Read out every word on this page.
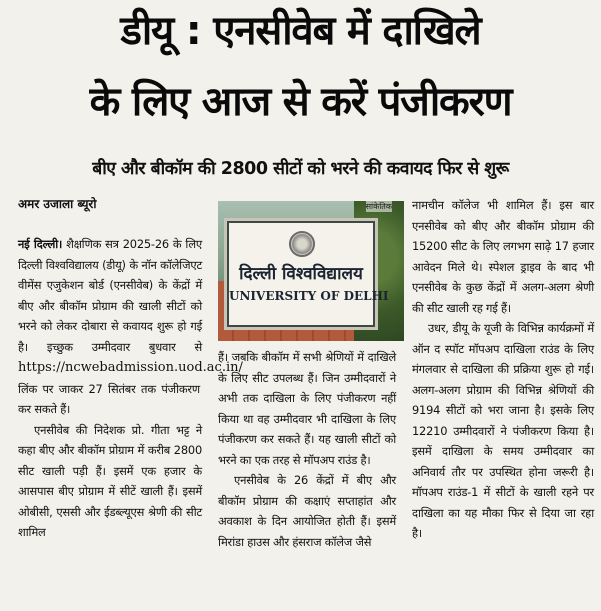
डीयू : एनसीवेब में दाखिले
के लिए आज से करें पंजीकरण
बीए और बीकॉम की 2800 सीटों को भरने की कवायद फिर से शुरू
अमर उजाला ब्यूरो

नई दिल्ली। शैक्षणिक सत्र 2025-26 के लिए दिल्ली विश्वविद्यालय (डीयू) के नॉन कॉलेजिएट वीमेंस एजुकेशन बोर्ड (एनसीवेब) के केंद्रों में बीए और बीकॉम प्रोग्राम की खाली सीटों को भरने को लेकर दोबारा से कवायद शुरू हो गई है। इच्छुक उम्मीदवार बुधवार से https://ncwebadmission.uod.ac.in/ लिंक पर जाकर 27 सितंबर तक पंजीकरण कर सकते हैं।

एनसीवेब की निदेशक प्रो. गीता भट्ट ने कहा बीए और बीकॉम प्रोग्राम में करीब 2800 सीट खाली पड़ी हैं। इसमें एक हजार के आसपास बीए प्रोग्राम में सीटें खाली हैं। इसमें ओबीसी, एससी और ईडब्ल्यूएस श्रेणी की सीट शामिल

दिल्ली विश्वविद्यालय
UNIVERSITY OF DELHI
सांकेतिक

हैं। जबकि बीकॉम में सभी श्रेणियों में दाखिले के लिए सीट उपलब्ध हैं। जिन उम्मीदवारों ने अभी तक दाखिला के लिए पंजीकरण नहीं किया था वह उम्मीदवार भी दाखिला के लिए पंजीकरण कर सकते हैं। यह खाली सीटों को भरने का एक तरह से मॉपअप राउंड है।

एनसीवेब के 26 केंद्रों में बीए और बीकॉम प्रोग्राम की कक्षाएं सप्ताहांत और अवकाश के दिन आयोजित होती हैं। इसमें मिरांडा हाउस और हंसराज कॉलेज जैसे

नामचीन कॉलेज भी शामिल हैं। इस बार एनसीवेब को बीए और बीकॉम प्रोग्राम की 15200 सीट के लिए लगभग साढ़े 17 हजार आवेदन मिले थे। स्पेशल ड्राइव के बाद भी एनसीवेब के कुछ केंद्रों में अलग-अलग श्रेणी की सीट खाली रह गई हैं।

उधर, डीयू के यूजी के विभिन्न कार्यक्रमों में ऑन द स्पॉट मॉपअप दाखिला राउंड के लिए मंगलवार से दाखिला की प्रक्रिया शुरू हो गई। अलग-अलग प्रोग्राम की विभिन्न श्रेणियों की 9194 सीटों को भरा जाना है। इसके लिए 12210 उम्मीदवारों ने पंजीकरण किया है। इसमें दाखिला के समय उम्मीदवार का अनिवार्य तौर पर उपस्थित होना जरूरी है। मॉपअप राउंड-1 में सीटों के खाली रहने पर दाखिला का यह मौका फिर से दिया जा रहा है।
